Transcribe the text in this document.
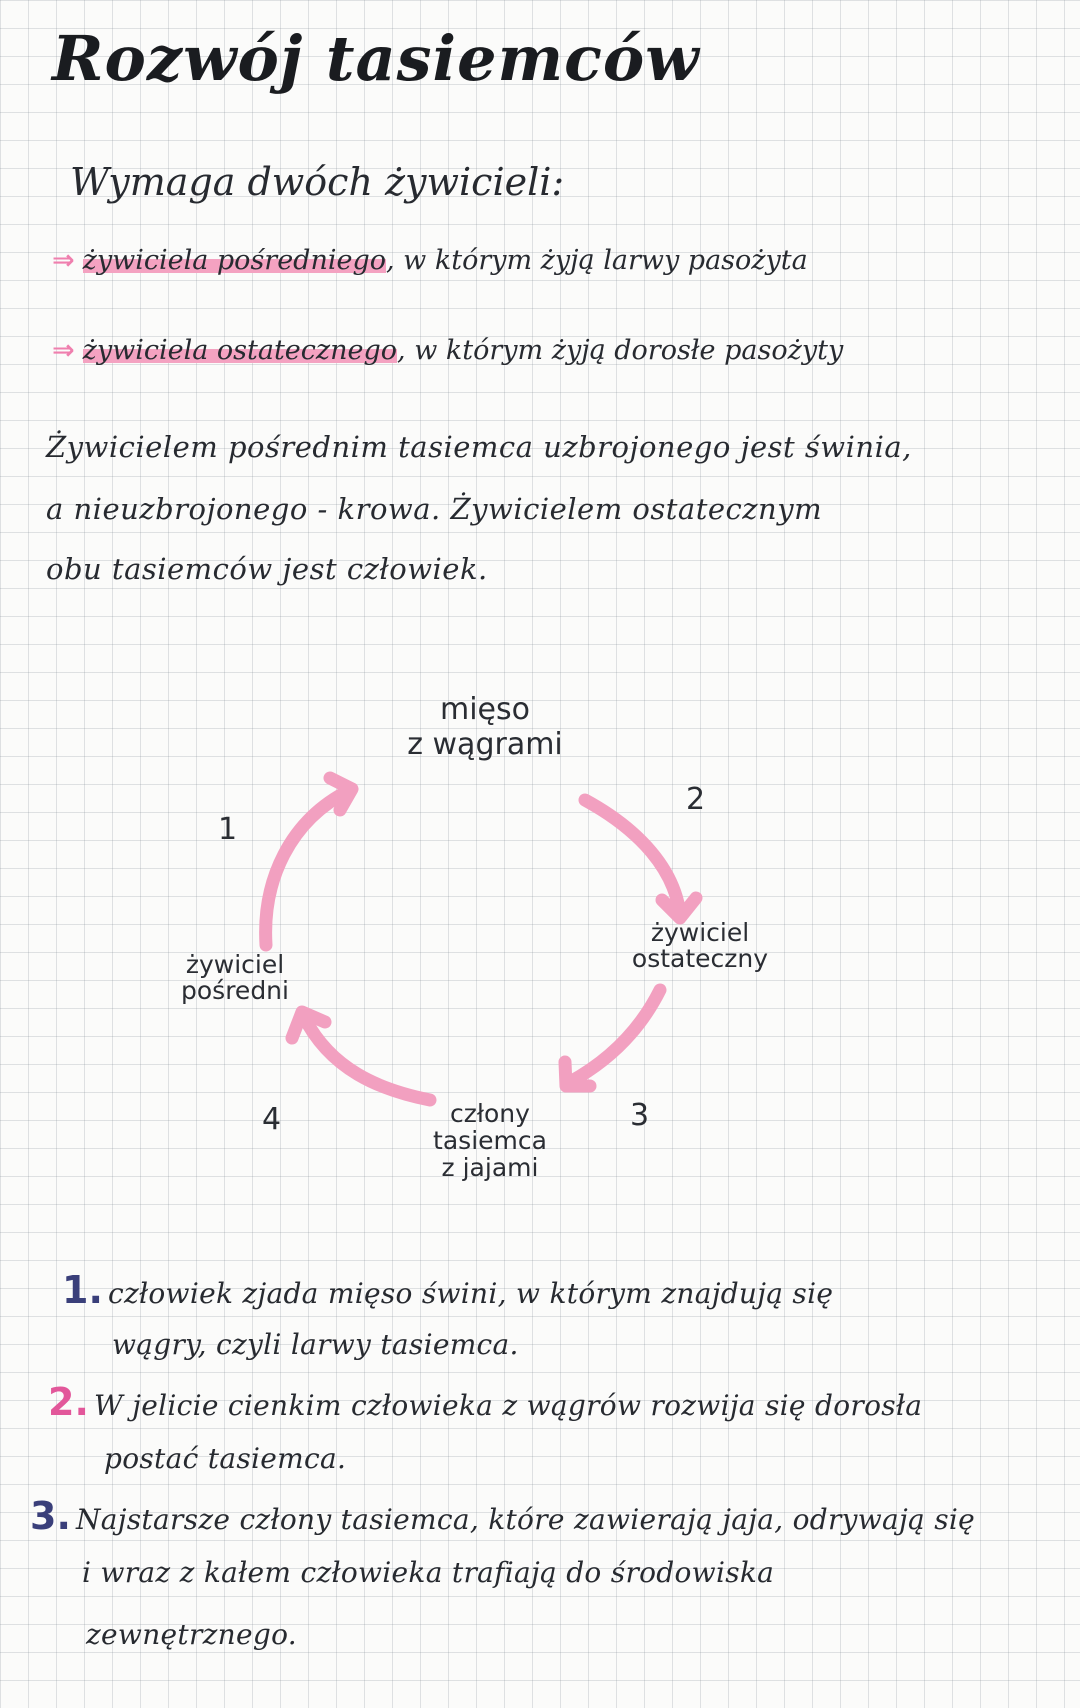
Rozwój tasiemców
Wymaga dwóch żywicieli:
⇒ żywiciela pośredniego, w którym żyją larwy pasożyta
⇒ żywiciela ostatecznego, w którym żyją dorosłe pasożyty
Żywicielem pośrednim tasiemca uzbrojonego jest świnia,
a nieuzbrojonego - krowa. Żywicielem ostatecznym
obu tasiemców jest człowiek.
mięso
z wągrami
żywiciel
ostateczny
człony
tasiemca
z jajami
żywiciel
pośredni
1
2
3
4
1. człowiek zjada mięso świni, w którym znajdują się
wągry, czyli larwy tasiemca.
2. W jelicie cienkim człowieka z wągrów rozwija się dorosła
postać tasiemca.
3. Najstarsze człony tasiemca, które zawierają jaja, odrywają się
i wraz z kałem człowieka trafiają do środowiska
zewnętrznego.
